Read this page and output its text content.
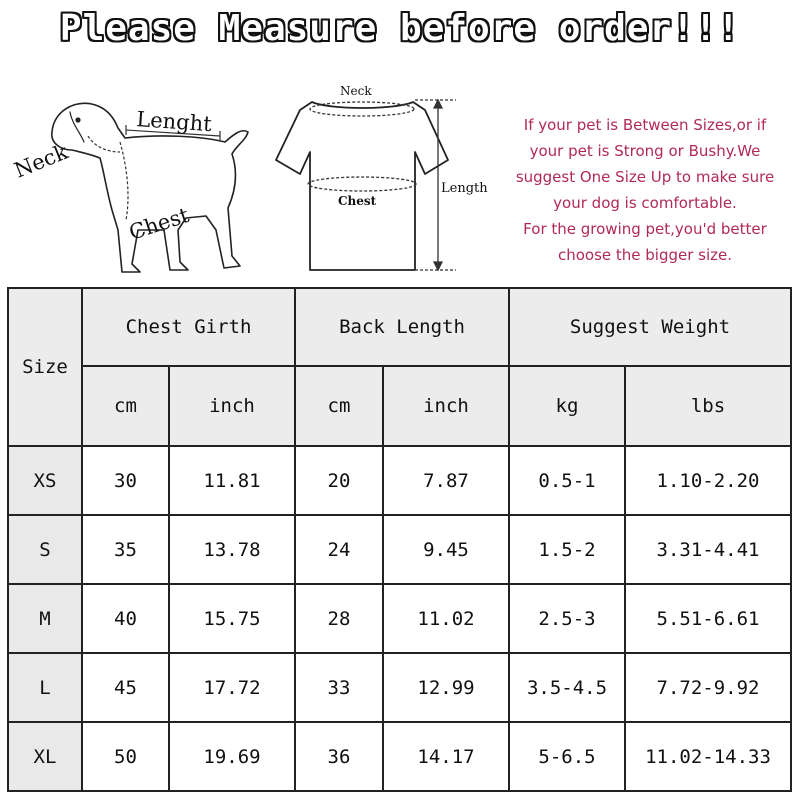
Please Measure before order!!!
Neck
Lenght
Chest
Neck
Chest
Length
If your pet is Between Sizes,or if
your pet is Strong or Bushy.We
suggest One Size Up to make sure
your dog is comfortable.
For the growing pet,you'd better
choose the bigger size.
Size	Chest Girth		Back Length		Suggest Weight	
	cm	inch	cm	inch	kg	lbs
XS	30	11.81	20	7.87	0.5-1	1.10-2.20
S	35	13.78	24	9.45	1.5-2	3.31-4.41
M	40	15.75	28	11.02	2.5-3	5.51-6.61
L	45	17.72	33	12.99	3.5-4.5	7.72-9.92
XL	50	19.69	36	14.17	5-6.5	11.02-14.33
